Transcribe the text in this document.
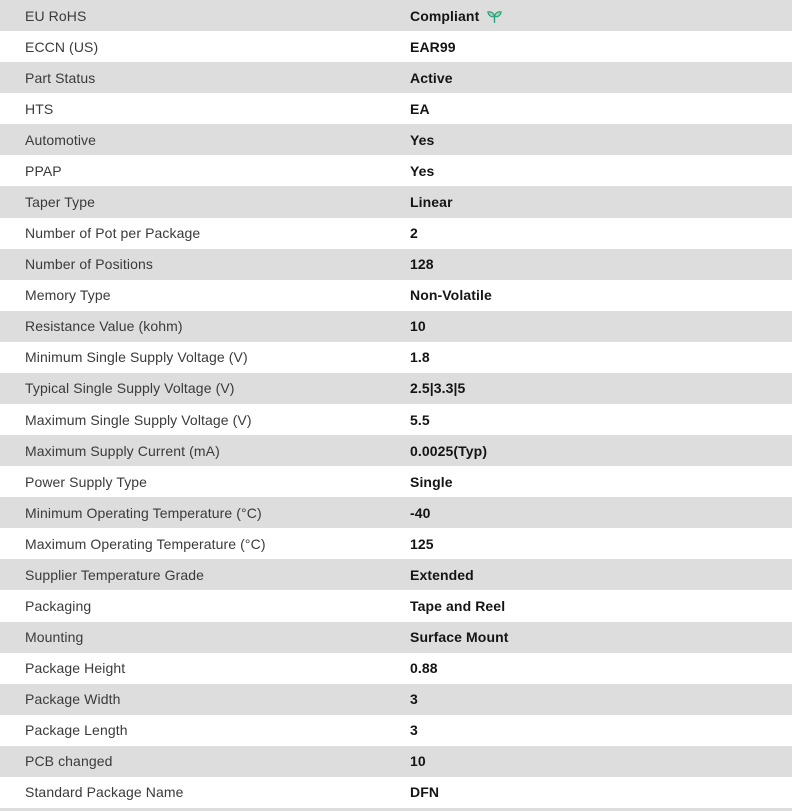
EU RoHS	Compliant
ECCN (US)	EAR99
Part Status	Active
HTS	EA
Automotive	Yes
PPAP	Yes
Taper Type	Linear
Number of Pot per Package	2
Number of Positions	128
Memory Type	Non-Volatile
Resistance Value (kohm)	10
Minimum Single Supply Voltage (V)	1.8
Typical Single Supply Voltage (V)	2.5|3.3|5
Maximum Single Supply Voltage (V)	5.5
Maximum Supply Current (mA)	0.0025(Typ)
Power Supply Type	Single
Minimum Operating Temperature (°C)	-40
Maximum Operating Temperature (°C)	125
Supplier Temperature Grade	Extended
Packaging	Tape and Reel
Mounting	Surface Mount
Package Height	0.88
Package Width	3
Package Length	3
PCB changed	10
Standard Package Name	DFN
